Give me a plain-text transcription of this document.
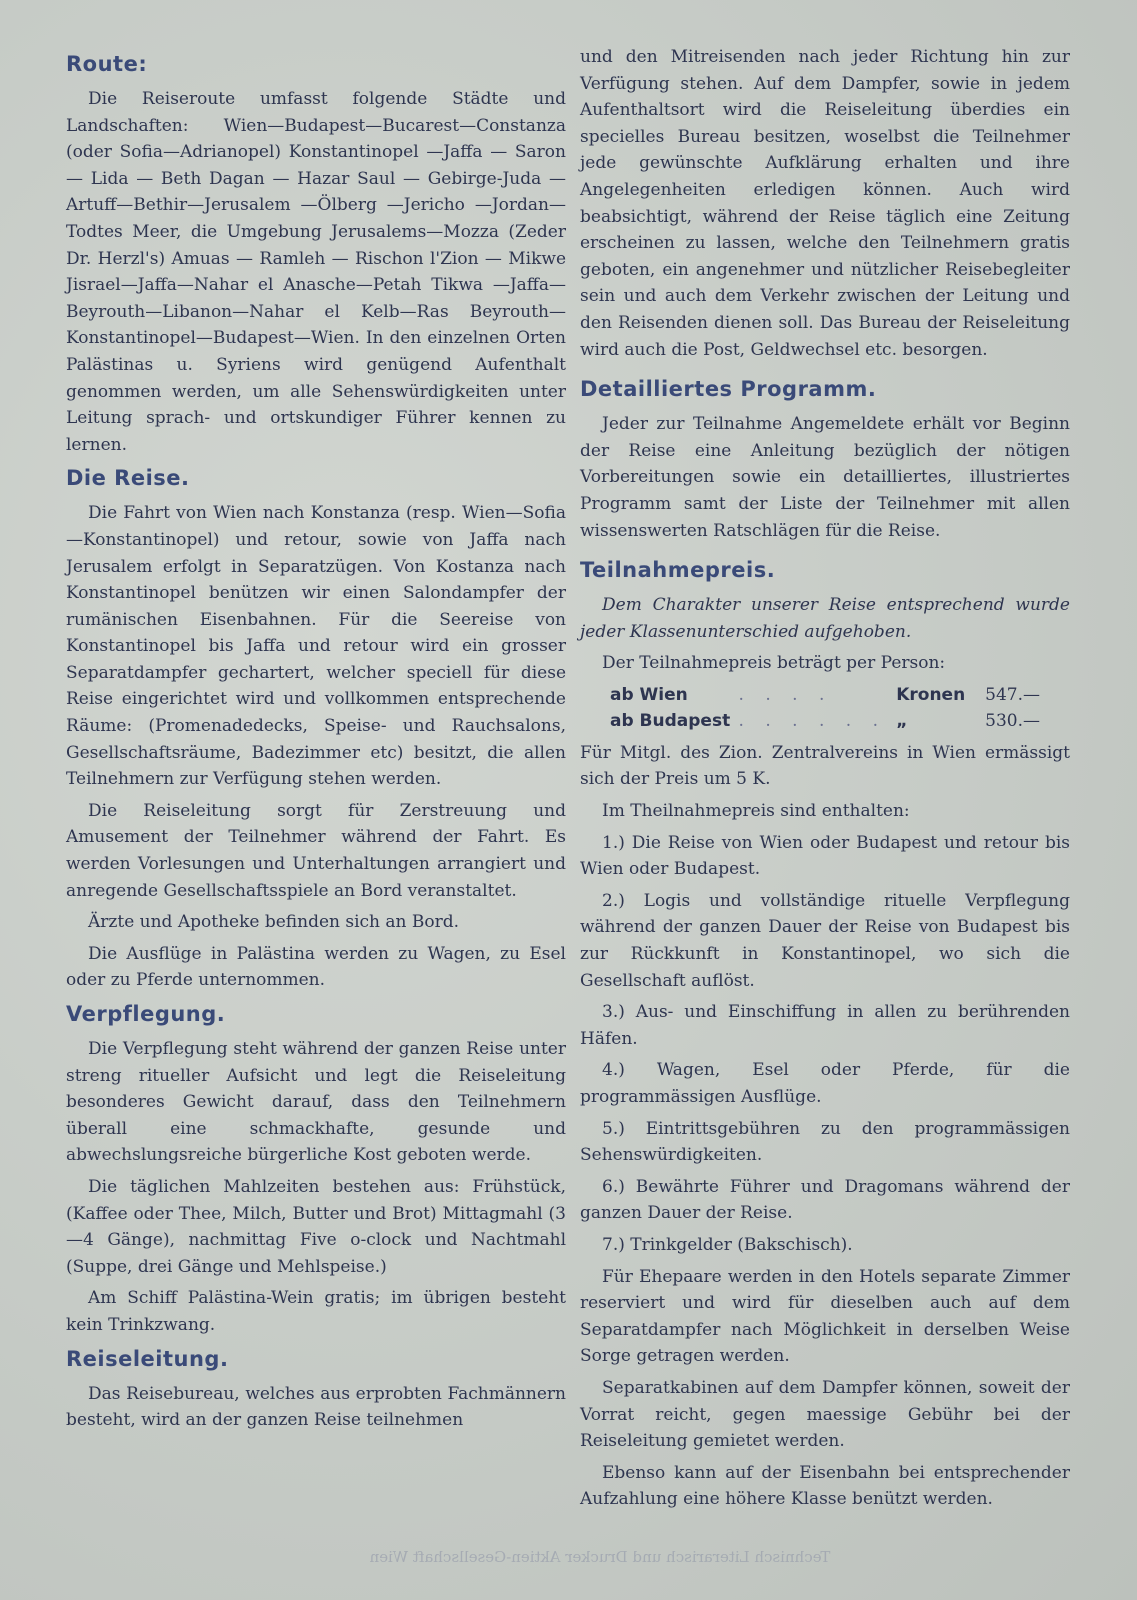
Route:

Die Reiseroute umfasst folgende Städte und Landschaften: Wien—Budapest—Bucarest—Constanza (oder Sofia—Adrianopel) Konstantinopel —Jaffa — Saron— Lida — Beth Dagan — Hazar Saul — Gebirge-Juda —Artuff—Bethir—Jerusalem —Ölberg —Jericho —Jordan—Todtes Meer, die Umgebung Jerusalems—Mozza (Zeder Dr. Herzl's) Amuas — Ramleh — Rischon l'Zion — Mikwe Jisrael—Jaffa—Nahar el Anasche—Petah Tikwa —Jaffa—Beyrouth—Libanon—Nahar el Kelb—Ras Beyrouth—Konstantinopel—Budapest—Wien. In den einzelnen Orten Palästinas u. Syriens wird genügend Aufenthalt genommen werden, um alle Sehenswürdigkeiten unter Leitung sprach- und ortskundiger Führer kennen zu lernen.

Die Reise.

Die Fahrt von Wien nach Konstanza (resp. Wien—Sofia—Konstantinopel) und retour, sowie von Jaffa nach Jerusalem erfolgt in Separatzügen. Von Kostanza nach Konstantinopel benützen wir einen Salondampfer der rumänischen Eisenbahnen. Für die Seereise von Konstantinopel bis Jaffa und retour wird ein grosser Separatdampfer gechartert, welcher speciell für diese Reise eingerichtet wird und vollkommen entsprechende Räume: (Promenadedecks, Speise- und Rauchsalons, Gesellschaftsräume, Badezimmer etc) besitzt, die allen Teilnehmern zur Verfügung stehen werden.

Die Reiseleitung sorgt für Zerstreuung und Amusement der Teilnehmer während der Fahrt. Es werden Vorlesungen und Unterhaltungen arrangiert und anregende Gesellschaftsspiele an Bord veranstaltet.

Ärzte und Apotheke befinden sich an Bord.

Die Ausflüge in Palästina werden zu Wagen, zu Esel oder zu Pferde unternommen.

Verpflegung.

Die Verpflegung steht während der ganzen Reise unter streng ritueller Aufsicht und legt die Reiseleitung besonderes Gewicht darauf, dass den Teilnehmern überall eine schmackhafte, gesunde und abwechslungsreiche bürgerliche Kost geboten werde.

Die täglichen Mahlzeiten bestehen aus: Frühstück, (Kaffee oder Thee, Milch, Butter und Brot) Mittagmahl (3—4 Gänge), nachmittag Five o-clock und Nachtmahl (Suppe, drei Gänge und Mehlspeise.)

Am Schiff Palästina-Wein gratis; im übrigen besteht kein Trinkzwang.

Reiseleitung.

Das Reisebureau, welches aus erprobten Fachmännern besteht, wird an der ganzen Reise teilnehmen

und den Mitreisenden nach jeder Richtung hin zur Verfügung stehen. Auf dem Dampfer, sowie in jedem Aufenthaltsort wird die Reiseleitung überdies ein specielles Bureau besitzen, woselbst die Teilnehmer jede gewünschte Aufklärung erhalten und ihre Angelegenheiten erledigen können. Auch wird beabsichtigt, während der Reise täglich eine Zeitung erscheinen zu lassen, welche den Teilnehmern gratis geboten, ein angenehmer und nützlicher Reisebegleiter sein und auch dem Verkehr zwischen der Leitung und den Reisenden dienen soll. Das Bureau der Reiseleitung wird auch die Post, Geldwechsel etc. besorgen.

Detailliertes Programm.

Jeder zur Teilnahme Angemeldete erhält vor Beginn der Reise eine Anleitung bezüglich der nötigen Vorbereitungen sowie ein detailliertes, illustriertes Programm samt der Liste der Teilnehmer mit allen wissenswerten Ratschlägen für die Reise.

Teilnahmepreis.

Dem Charakter unserer Reise entsprechend wurde jeder Klassenunterschied aufgehoben.

Der Teilnahmepreis beträgt per Person:

ab Wien	. . . .	Kronen	547.—
ab Budapest	. . . . . .	„	530.—

Für Mitgl. des Zion. Zentralvereins in Wien ermässigt sich der Preis um 5 K.

Im Theilnahmepreis sind enthalten:

1.) Die Reise von Wien oder Budapest und retour bis Wien oder Budapest.

2.) Logis und vollständige rituelle Verpflegung während der ganzen Dauer der Reise von Budapest bis zur Rückkunft in Konstantinopel, wo sich die Gesellschaft auflöst.

3.) Aus- und Einschiffung in allen zu berührenden Häfen.

4.) Wagen, Esel oder Pferde, für die programmässigen Ausflüge.

5.) Eintrittsgebühren zu den programmässigen Sehenswürdigkeiten.

6.) Bewährte Führer und Dragomans während der ganzen Dauer der Reise.

7.) Trinkgelder (Bakschisch).

Für Ehepaare werden in den Hotels separate Zimmer reserviert und wird für dieselben auch auf dem Separatdampfer nach Möglichkeit in derselben Weise Sorge getragen werden.

Separatkabinen auf dem Dampfer können, soweit der Vorrat reicht, gegen maessige Gebühr bei der Reiseleitung gemietet werden.

Ebenso kann auf der Eisenbahn bei entsprechender Aufzahlung eine höhere Klasse benützt werden.

Technisch Literarisch und Drucker Aktien-Gesellschaft Wien
